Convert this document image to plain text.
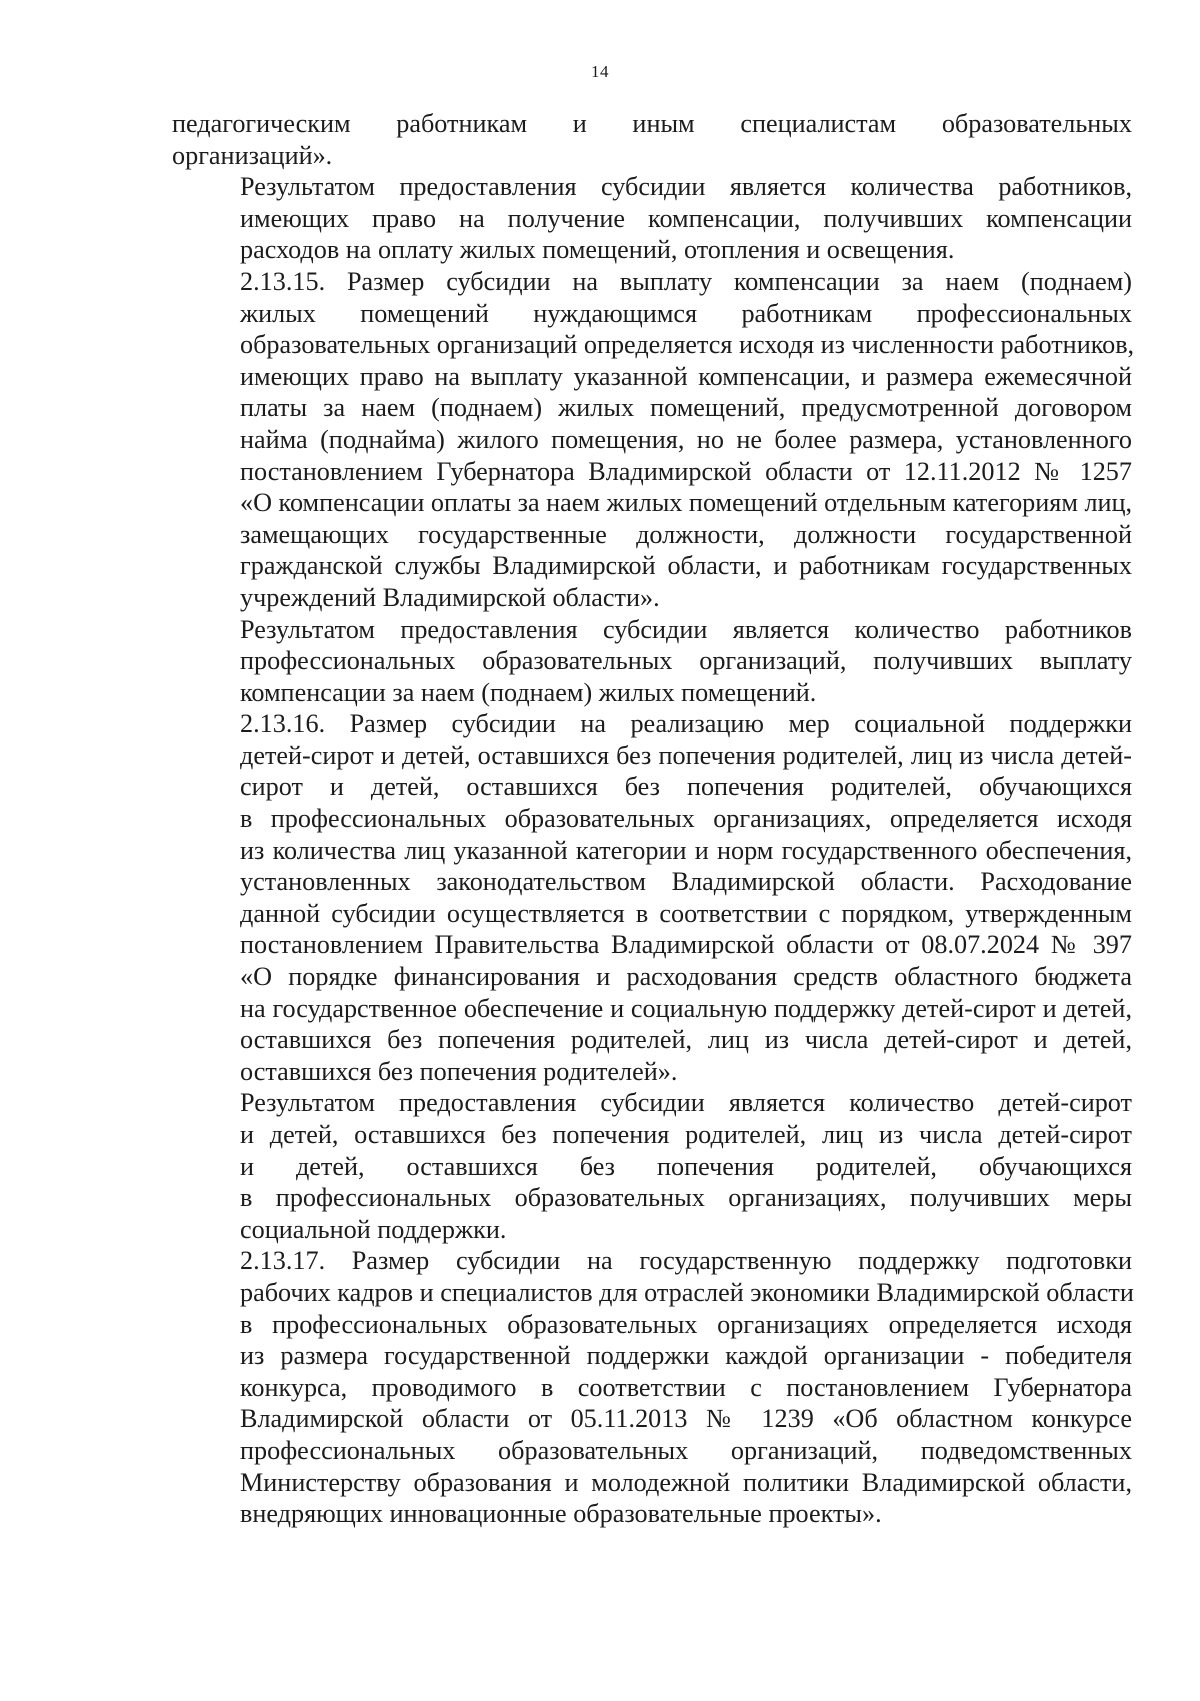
14

педагогическим работникам и иным специалистам образовательных
организаций».

Результатом предоставления субсидии является количества работников,
имеющих право на получение компенсации, получивших компенсации
расходов на оплату жилых помещений, отопления и освещения.

2.13.15. Размер субсидии на выплату компенсации за наем (поднаем)
жилых помещений нуждающимся работникам профессиональных
образовательных организаций определяется исходя из численности работников,
имеющих право на выплату указанной компенсации, и размера ежемесячной
платы за наем (поднаем) жилых помещений, предусмотренной договором
найма (поднайма) жилого помещения, но не более размера, установленного
постановлением Губернатора Владимирской области от 12.11.2012 № 1257
«О компенсации оплаты за наем жилых помещений отдельным категориям лиц,
замещающих государственные должности, должности государственной
гражданской службы Владимирской области, и работникам государственных
учреждений Владимирской области».

Результатом предоставления субсидии является количество работников
профессиональных образовательных организаций, получивших выплату
компенсации за наем (поднаем) жилых помещений.

2.13.16. Размер субсидии на реализацию мер социальной поддержки
детей-сирот и детей, оставшихся без попечения родителей, лиц из числа детей-
сирот и детей, оставшихся без попечения родителей, обучающихся
в профессиональных образовательных организациях, определяется исходя
из количества лиц указанной категории и норм государственного обеспечения,
установленных законодательством Владимирской области. Расходование
данной субсидии осуществляется в соответствии с порядком, утвержденным
постановлением Правительства Владимирской области от 08.07.2024 № 397
«О порядке финансирования и расходования средств областного бюджета
на государственное обеспечение и социальную поддержку детей-сирот и детей,
оставшихся без попечения родителей, лиц из числа детей-сирот и детей,
оставшихся без попечения родителей».

Результатом предоставления субсидии является количество детей-сирот
и детей, оставшихся без попечения родителей, лиц из числа детей-сирот
и детей, оставшихся без попечения родителей, обучающихся
в профессиональных образовательных организациях, получивших меры
социальной поддержки.

2.13.17. Размер субсидии на государственную поддержку подготовки
рабочих кадров и специалистов для отраслей экономики Владимирской области
в профессиональных образовательных организациях определяется исходя
из размера государственной поддержки каждой организации - победителя
конкурса, проводимого в соответствии с постановлением Губернатора
Владимирской области от 05.11.2013 № 1239 «Об областном конкурсе
профессиональных образовательных организаций, подведомственных
Министерству образования и молодежной политики Владимирской области,
внедряющих инновационные образовательные проекты».
